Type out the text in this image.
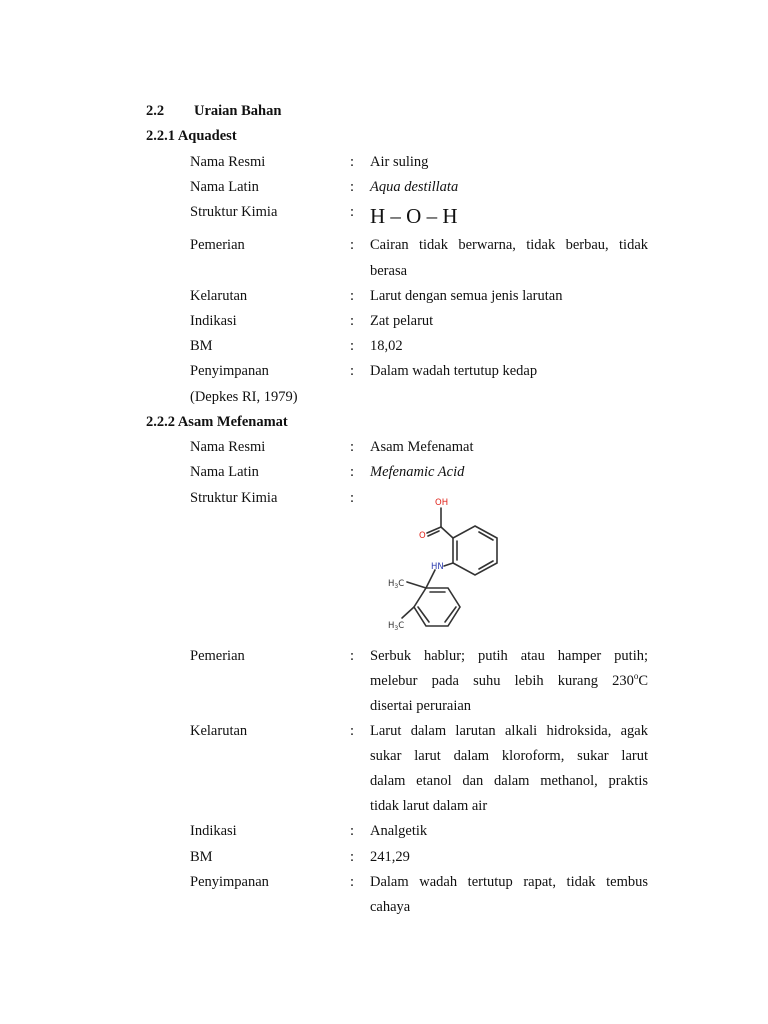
2.2 Uraian Bahan
2.2.1 Aquadest
Nama Resmi	: Air suling
Nama Latin	: Aqua destillata
Struktur Kimia	: H – O – H
Pemerian	: Cairan tidak berwarna, tidak berbau, tidak
berasa
Kelarutan	: Larut dengan semua jenis larutan
Indikasi	: Zat pelarut
BM	: 18,02
Penyimpanan	: Dalam wadah tertutup kedap
(Depkes RI, 1979)
2.2.2 Asam Mefenamat
Nama Resmi	: Asam Mefenamat
Nama Latin	: Mefenamic Acid
Struktur Kimia	:	OH
O
HN
$H_3C$
$H_3C$
Pemerian	: Serbuk hablur; putih atau hamper putih;
melebur pada suhu lebih kurang 230$^o$C
disertai peruraian
Kelarutan	: Larut dalam larutan alkali hidroksida, agak
sukar larut dalam kloroform, sukar larut
dalam etanol dan dalam methanol, praktis
tidak larut dalam air
Indikasi	: Analgetik
BM	: 241,29
Penyimpanan	: Dalam wadah tertutup rapat, tidak tembus
cahaya
